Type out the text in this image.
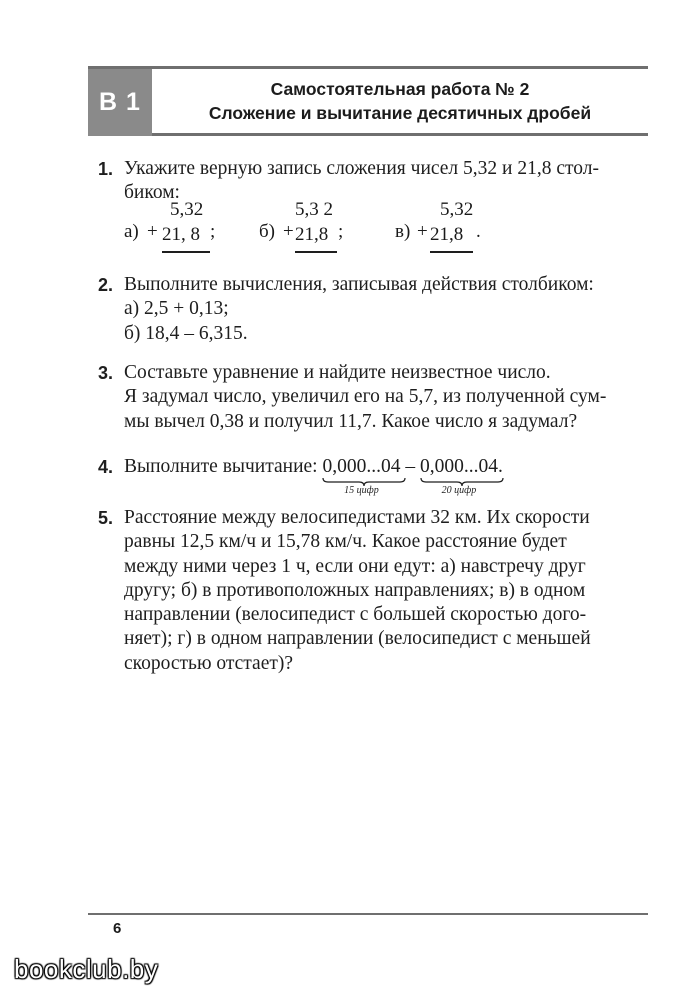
В 1	Самостоятельная работа № 2
Сложение и вычитание десятичных дробей
1. Укажите верную запись сложения чисел 5,32 и 21,8 стол-
биком:
а) +
5,32
21, 8 ; б) +
5,3 2
21,8 ;	в) +
5,32
21,8 .
2. Выполните вычисления, записывая действия столбиком:
а) 2,5 + 0,13;
б) 18,4 – 6,315.
3. Составьте уравнение и найдите неизвестное число.
Я задумал число, увеличил его на 5,7, из полученной сум-
мы вычел 0,38 и получил 11,7. Какое число я задумал?
4. Выполните вычитание: 0,000...04
15 цифр
– 0,000...04
20 цифр
.
5. Расстояние между велосипедистами 32 км. Их скорости
равны 12,5 км/ч и 15,78 км/ч. Какое расстояние будет
между ними через 1 ч, если они едут: а) навстречу друг
другу; б) в противоположных направлениях; в) в одном
направлении (велосипедист с большей скоростью дого-
няет); г) в одном направлении (велосипедист с меньшей
скоростью отстает)?
6
bookclub.by
